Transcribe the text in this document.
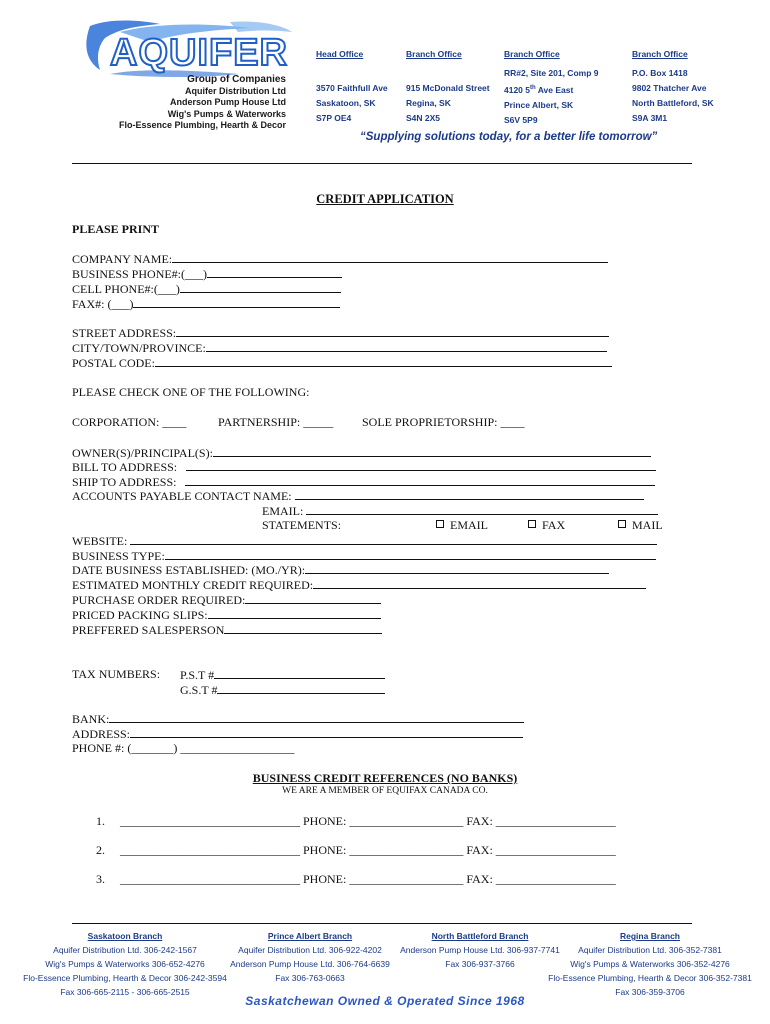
AQUIFER
Group of Companies
Aquifer Distribution Ltd
Anderson Pump House Ltd
Wig's Pumps & Waterworks
Flo-Essence Plumbing, Hearth & Decor
Head Office

3570 Faithfull Ave
Saskatoon, SK
S7P OE4
Branch Office

915 McDonald Street
Regina, SK
S4N 2X5
Branch Office
RR#2, Site 201, Comp 9
4120 5th Ave East
Prince Albert, SK
S6V 5P9
Branch Office
P.O. Box 1418
9802 Thatcher Ave
North Battleford, SK
S9A 3M1
“Supplying solutions today, for a better life tomorrow”
CREDIT APPLICATION
PLEASE PRINT
COMPANY NAME:
BUSINESS PHONE#:(___)
CELL PHONE#:(___)
FAX#: (___)
STREET ADDRESS:
CITY/TOWN/PROVINCE:
POSTAL CODE:
PLEASE CHECK ONE OF THE FOLLOWING:
CORPORATION: ____	PARTNERSHIP: _____ SOLE PROPRIETORSHIP: ____
OWNER(S)/PRINCIPAL(S):
BILL TO ADDRESS:
SHIP TO ADDRESS:
ACCOUNTS PAYABLE CONTACT NAME:
EMAIL:
STATEMENTS:	EMAIL	FAX	MAIL
WEBSITE:
BUSINESS TYPE:
DATE BUSINESS ESTABLISHED: (MO./YR):
ESTIMATED MONTHLY CREDIT REQUIRED:
PURCHASE ORDER REQUIRED:
PRICED PACKING SLIPS:
PREFFERED SALESPERSON
TAX NUMBERS: P.S.T #
G.S.T #
BANK:
ADDRESS:
PHONE #: (_______) ___________________
BUSINESS CREDIT REFERENCES (NO BANKS)
WE ARE A MEMBER OF EQUIFAX CANADA CO.
1. ______________________________ PHONE: ___________________ FAX: ____________________
2. ______________________________ PHONE: ___________________ FAX: ____________________
3. ______________________________ PHONE: ___________________ FAX: ____________________
Saskatoon Branch
Aquifer Distribution Ltd. 306-242-1567
Wig's Pumps & Waterworks 306-652-4276
Flo-Essence Plumbing, Hearth & Decor 306-242-3594
Fax 306-665-2115 - 306-665-2515
Prince Albert Branch
Aquifer Distribution Ltd. 306-922-4202
Anderson Pump House Ltd. 306-764-6639
Fax 306-763-0663
North Battleford Branch
Anderson Pump House Ltd. 306-937-7741
Fax 306-937-3766
Regina Branch
Aquifer Distribution Ltd. 306-352-7381
Wig's Pumps & Waterworks 306-352-4276
Flo-Essence Plumbing, Hearth & Decor 306-352-7381
Fax 306-359-3706
Saskatchewan Owned & Operated Since 1968
